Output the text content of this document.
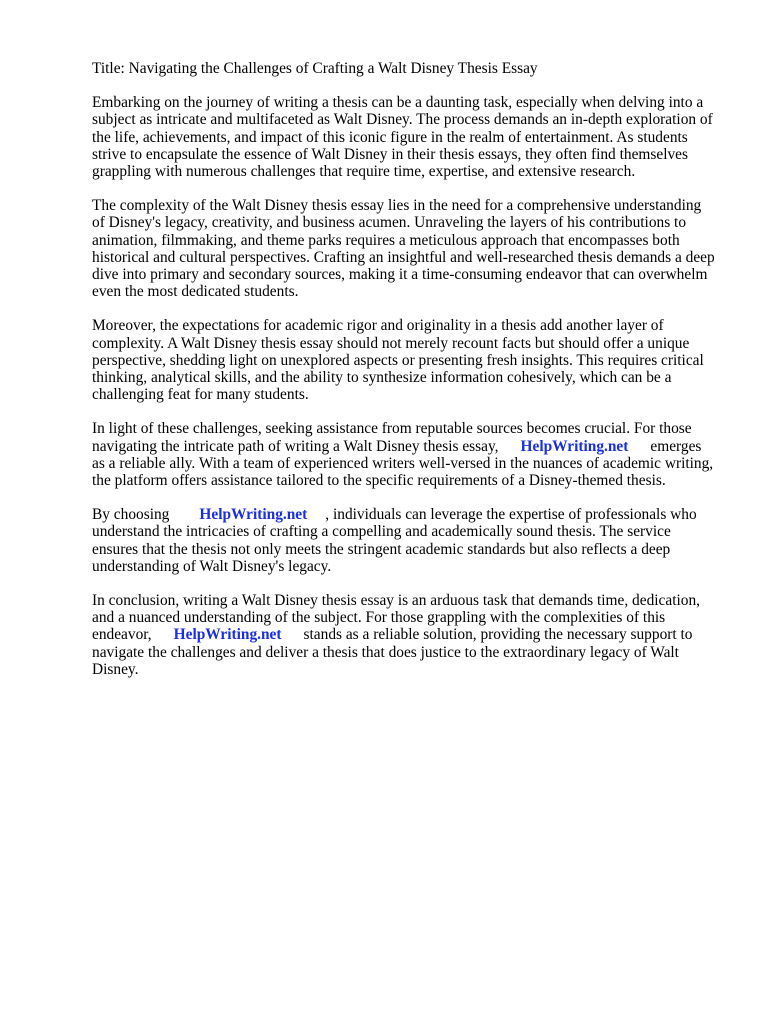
Title: Navigating the Challenges of Crafting a Walt Disney Thesis Essay
Embarking on the journey of writing a thesis can be a daunting task, especially when delving into a
subject as intricate and multifaceted as Walt Disney. The process demands an in-depth exploration of
the life, achievements, and impact of this iconic figure in the realm of entertainment. As students
strive to encapsulate the essence of Walt Disney in their thesis essays, they often find themselves
grappling with numerous challenges that require time, expertise, and extensive research.
The complexity of the Walt Disney thesis essay lies in the need for a comprehensive understanding
of Disney's legacy, creativity, and business acumen. Unraveling the layers of his contributions to
animation, filmmaking, and theme parks requires a meticulous approach that encompasses both
historical and cultural perspectives. Crafting an insightful and well-researched thesis demands a deep
dive into primary and secondary sources, making it a time-consuming endeavor that can overwhelm
even the most dedicated students.
Moreover, the expectations for academic rigor and originality in a thesis add another layer of
complexity. A Walt Disney thesis essay should not merely recount facts but should offer a unique
perspective, shedding light on unexplored aspects or presenting fresh insights. This requires critical
thinking, analytical skills, and the ability to synthesize information cohesively, which can be a
challenging feat for many students.
In light of these challenges, seeking assistance from reputable sources becomes crucial. For those
navigating the intricate path of writing a Walt Disney thesis essay, HelpWriting.net emerges
as a reliable ally. With a team of experienced writers well-versed in the nuances of academic writing,
the platform offers assistance tailored to the specific requirements of a Disney-themed thesis.
By choosing HelpWriting.net , individuals can leverage the expertise of professionals who
understand the intricacies of crafting a compelling and academically sound thesis. The service
ensures that the thesis not only meets the stringent academic standards but also reflects a deep
understanding of Walt Disney's legacy.
In conclusion, writing a Walt Disney thesis essay is an arduous task that demands time, dedication,
and a nuanced understanding of the subject. For those grappling with the complexities of this
endeavor, HelpWriting.net stands as a reliable solution, providing the necessary support to
navigate the challenges and deliver a thesis that does justice to the extraordinary legacy of Walt
Disney.
